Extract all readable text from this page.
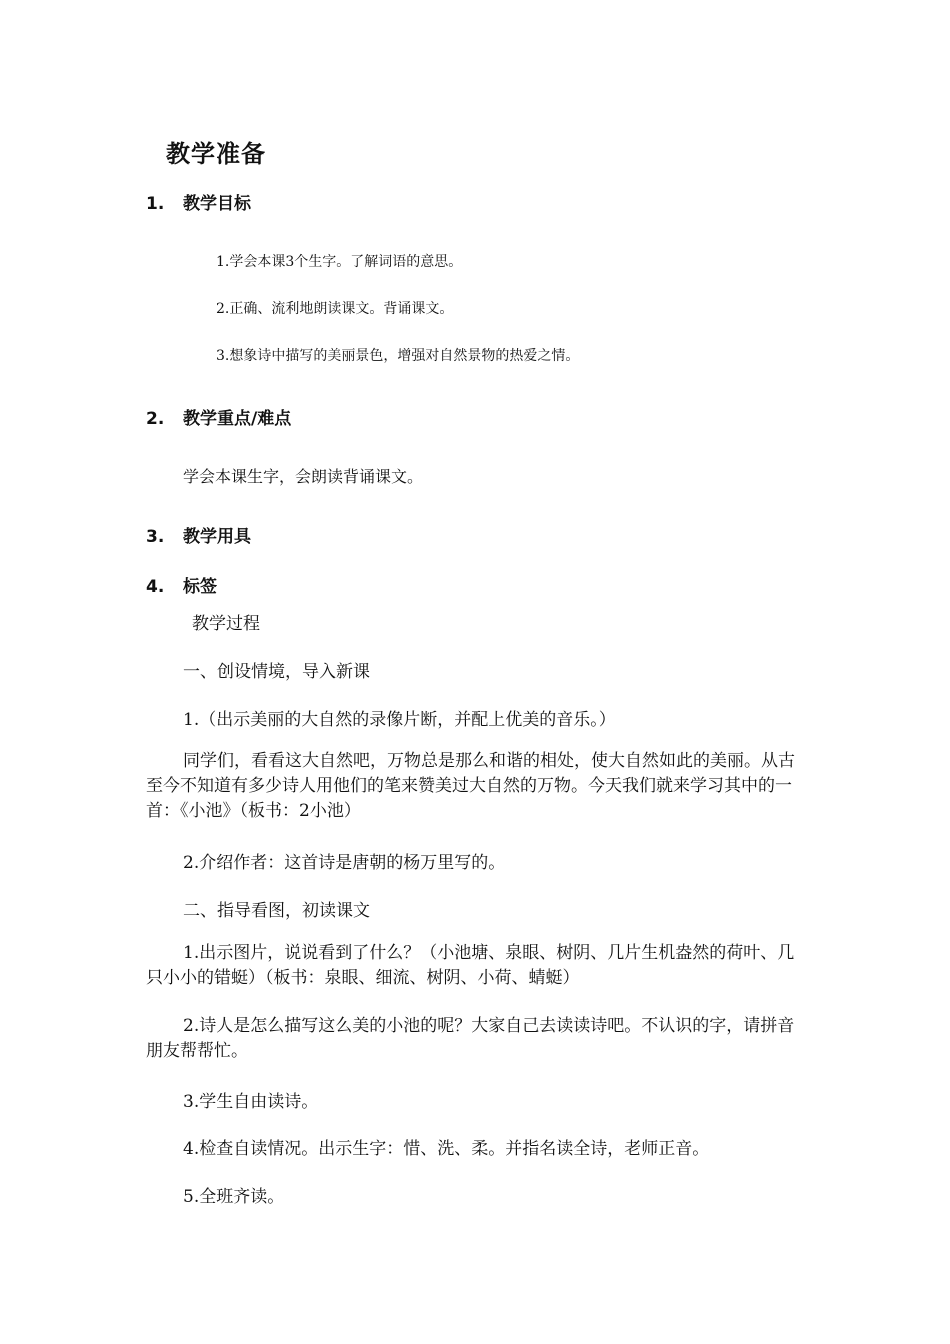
教学准备
1. 教学目标
1.学会本课3个生字。了解词语的意思。
2.正确、流利地朗读课文。背诵课文。
3.想象诗中描写的美丽景色，增强对自然景物的热爱之情。
2. 教学重点/难点
学会本课生字，会朗读背诵课文。
3. 教学用具
4. 标签
教学过程
一、创设情境，导入新课
1.（出示美丽的大自然的录像片断，并配上优美的音乐。）
同学们，看看这大自然吧，万物总是那么和谐的相处，使大自然如此的美丽。从古至今不知道有多少诗人用他们的笔来赞美过大自然的万物。今天我们就来学习其中的一首：《小池》（板书：2小池）
2.介绍作者：这首诗是唐朝的杨万里写的。
二、指导看图，初读课文
1.出示图片，说说看到了什么？（小池塘、泉眼、树阴、几片生机盎然的荷叶、几只小小的错蜓）（板书：泉眼、细流、树阴、小荷、蜻蜓）
2.诗人是怎么描写这么美的小池的呢？大家自己去读读诗吧。不认识的字，请拼音朋友帮帮忙。
3.学生自由读诗。
4.检查自读情况。出示生字：惜、洗、柔。并指名读全诗，老师正音。
5.全班齐读。
